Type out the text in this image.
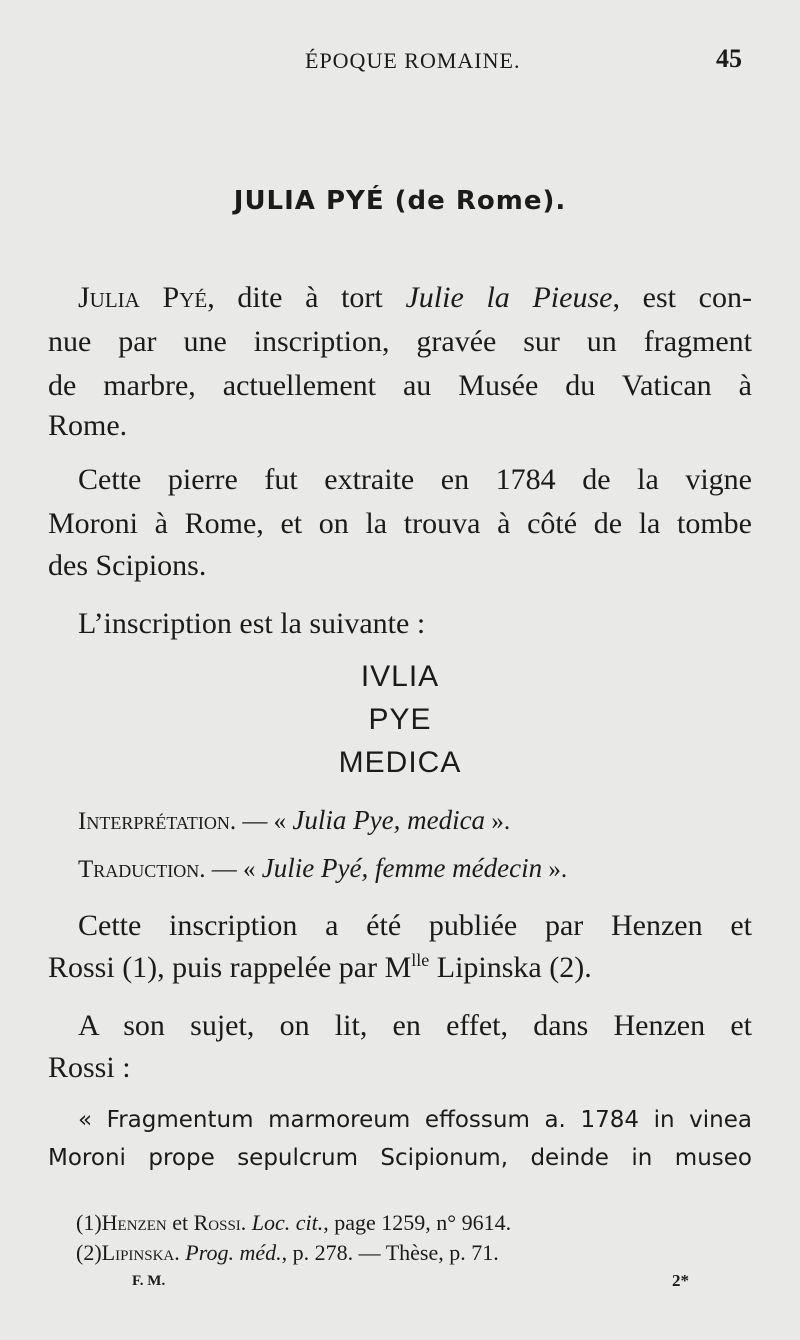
ÉPOQUE ROMAINE.	45
JULIA PYÉ (de Rome).
Julia Pyé, dite à tort Julie la Pieuse, est con-
nue par une inscription, gravée sur un fragment
de marbre, actuellement au Musée du Vatican à
Rome.
Cette pierre fut extraite en 1784 de la vigne
Moroni à Rome, et on la trouva à côté de la tombe
des Scipions.
L’inscription est la suivante :
IVLIA
PYE
MEDICA
Interprétation. — « Julia Pye, medica ».
Traduction. — « Julie Pyé, femme médecin ».
Cette inscription a été publiée par Henzen et
Rossi (1), puis rappelée par $M^{lle}$ Lipinska (2).
A son sujet, on lit, en effet, dans Henzen et
Rossi :
« Fragmentum marmoreum effossum a. 1784 in vinea
Moroni prope sepulcrum Scipionum, deinde in museo
(1)Henzen et Rossi. Loc. cit., page 1259, n° 9614.
(2)Lipinska. Prog. méd., p. 278. — Thèse, p. 71.
F. M.	2*
